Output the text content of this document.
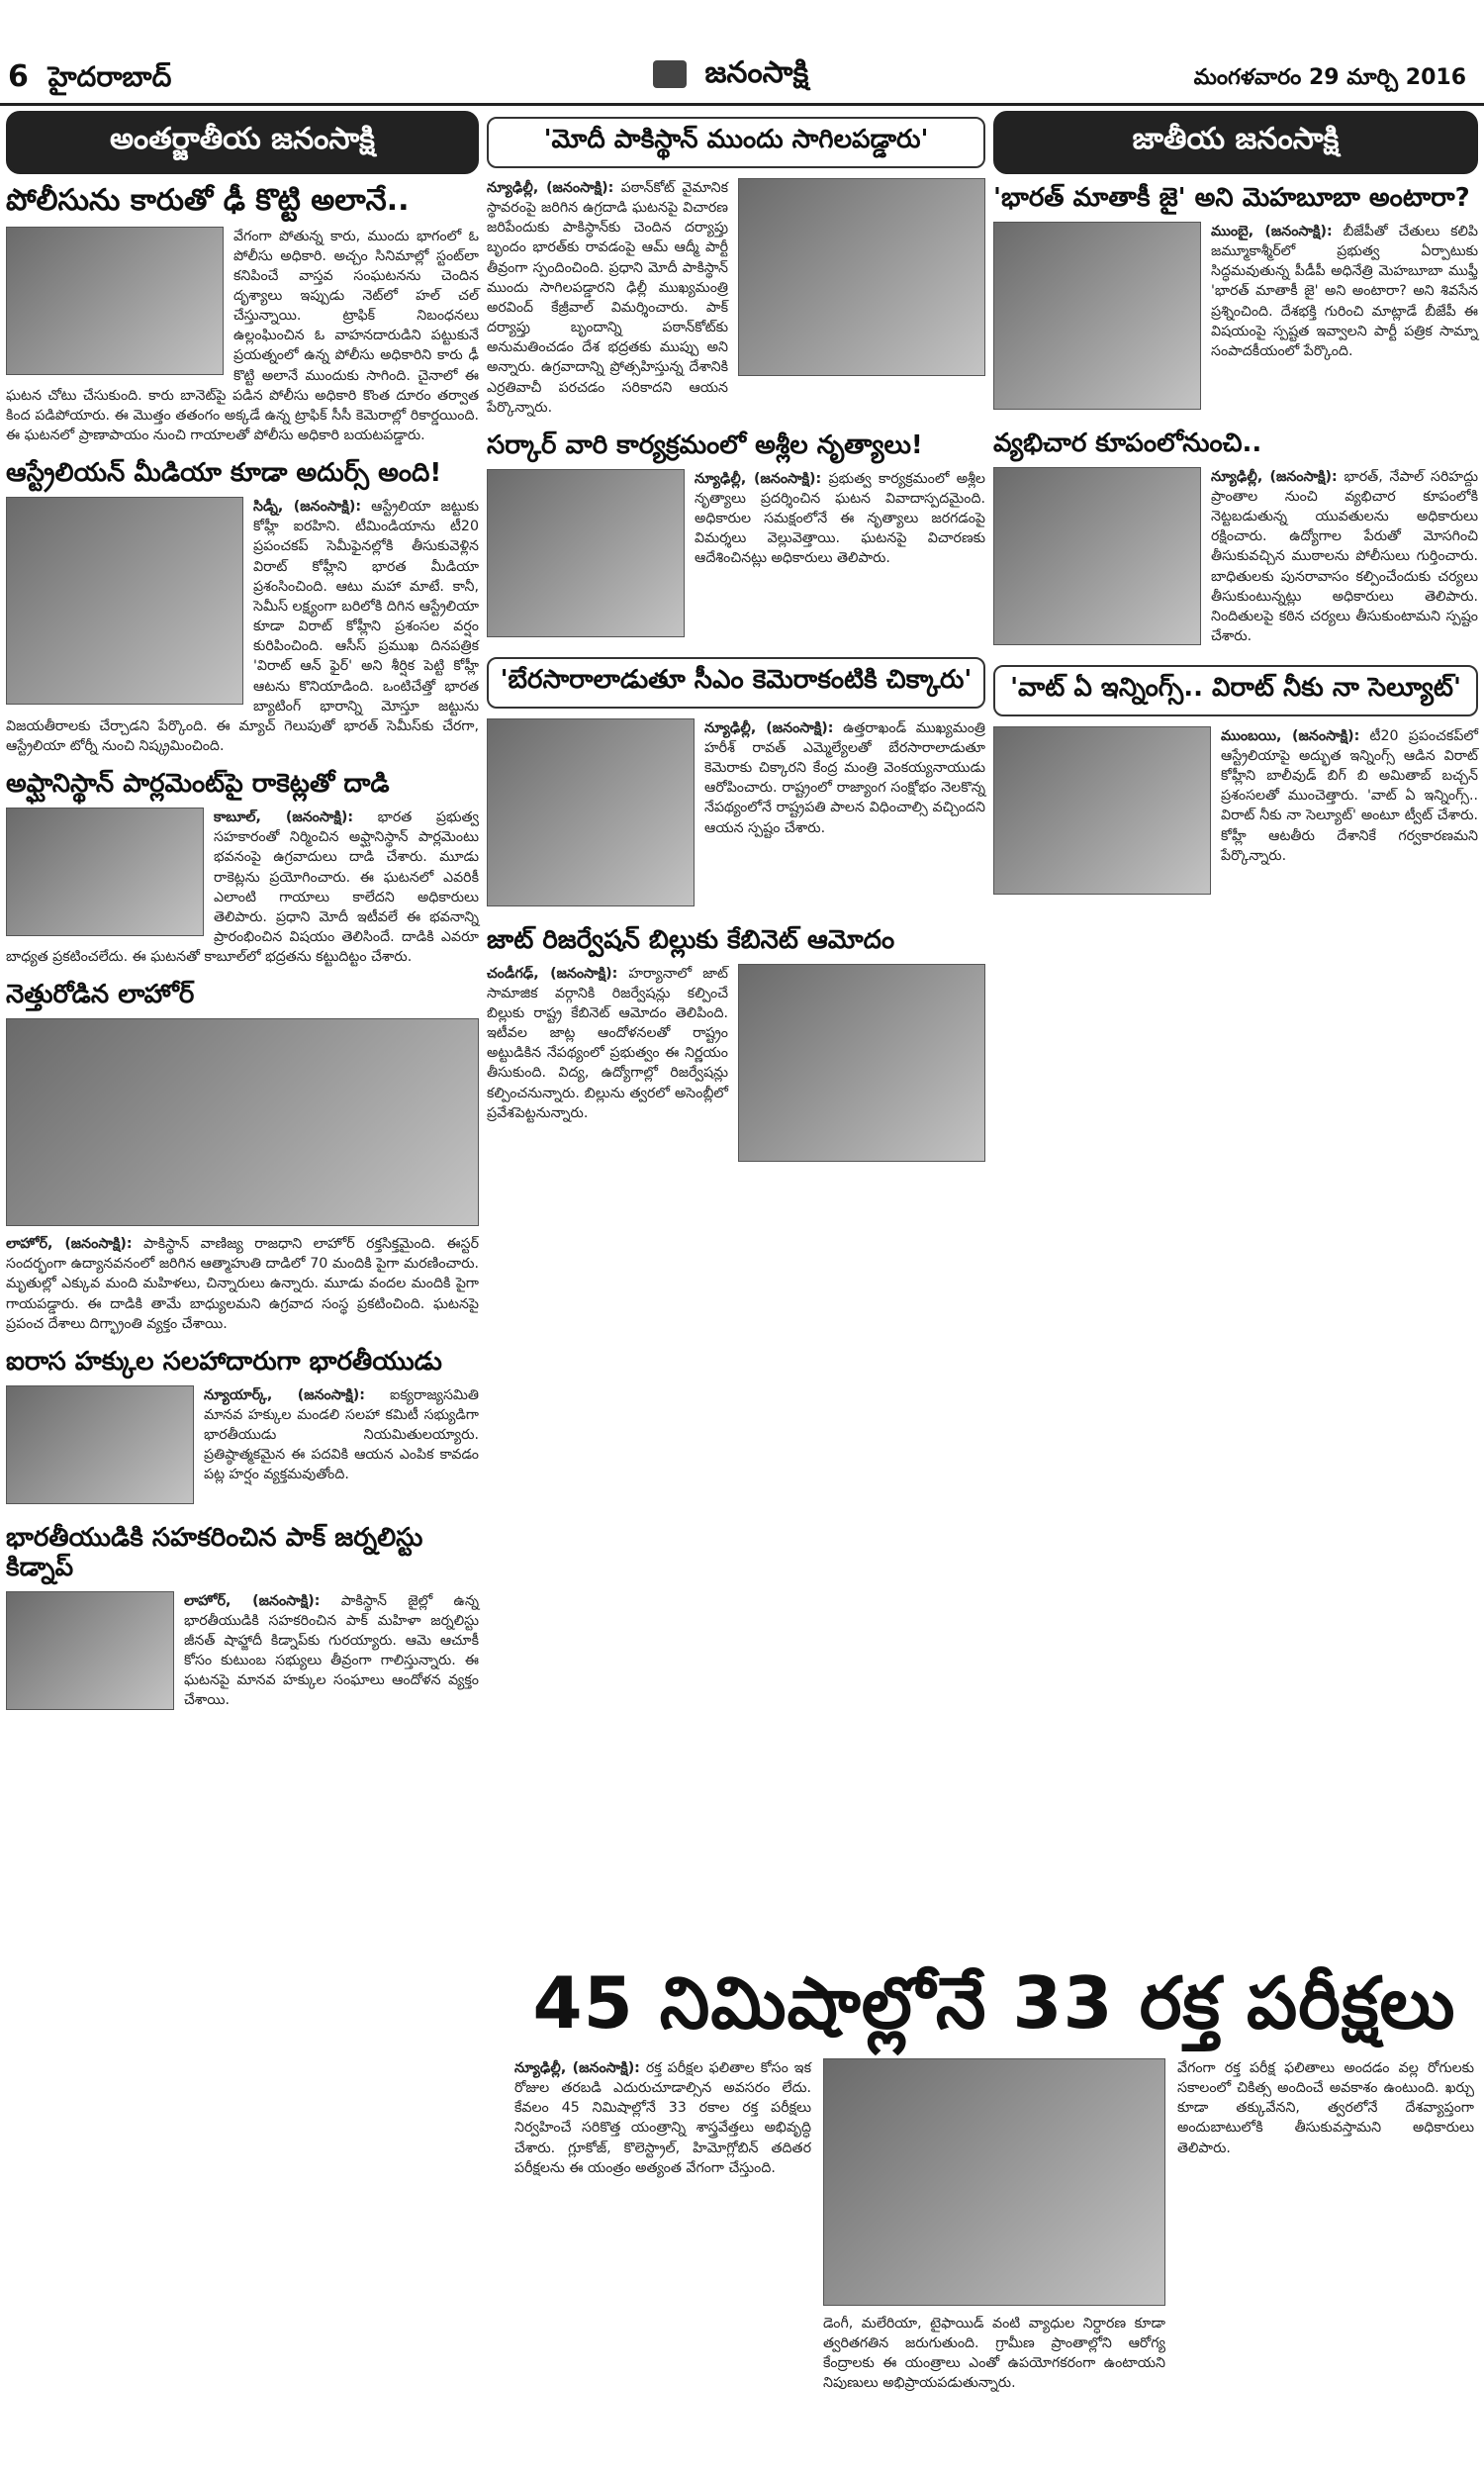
6 హైదరాబాద్	జనంసాక్షి	మంగళవారం 29 మార్చి 2016
అంతర్జాతీయ జనంసాక్షి
పోలీసును కారుతో ఢీ కొట్టి అలానే..
వేగంగా పోతున్న కారు, ముందు భాగంలో ఓ పోలీసు అధికారి. అచ్చం సినిమాల్లో స్టంట్‌లా కనిపించే వాస్తవ సంఘటనను చెందిన దృశ్యాలు ఇప్పుడు నెట్‌లో హల్ చల్ చేస్తున్నాయి. ట్రాఫిక్ నిబంధనలు ఉల్లంఘించిన ఓ వాహనదారుడిని పట్టుకునే ప్రయత్నంలో ఉన్న పోలీసు అధికారిని కారు ఢీ కొట్టి అలానే ముందుకు సాగింది. చైనాలో ఈ ఘటన చోటు చేసుకుంది. కారు బానెట్‌పై పడిన పోలీసు అధికారి కొంత దూరం తర్వాత కింద పడిపోయారు. ఈ మొత్తం తతంగం అక్కడే ఉన్న ట్రాఫిక్ సీసీ కెమెరాల్లో రికార్డయింది. ఈ ఘటనలో ప్రాణాపాయం నుంచి గాయాలతో పోలీసు అధికారి బయటపడ్డారు.
ఆస్ట్రేలియన్ మీడియా కూడా అదుర్స్ అంది!
సిడ్నీ, (జనంసాక్షి): ఆస్ట్రేలియా జట్టుకు కోహ్లీ ఐరహిని. టీమిండియాను టీ20 ప్రపంచకప్ సెమీఫైనల్లోకి తీసుకువెళ్లిన విరాట్ కోహ్లీని భారత మీడియా ప్రశంసించింది. ఆటు మహా మాటే. కానీ, సెమీస్ లక్ష్యంగా బరిలోకి దిగిన ఆస్ట్రేలియా కూడా విరాట్ కోహ్లీని ప్రశంసల వర్షం కురిపించింది. ఆసీస్ ప్రముఖ దినపత్రిక 'విరాట్ ఆన్ ఫైర్' అని శీర్షిక పెట్టి కోహ్లీ ఆటను కొనియాడింది. ఒంటిచేత్తో భారత బ్యాటింగ్ భారాన్ని మోస్తూ జట్టును విజయతీరాలకు చేర్చాడని పేర్కొంది. ఈ మ్యాచ్ గెలుపుతో భారత్ సెమీస్‌కు చేరగా, ఆస్ట్రేలియా టోర్నీ నుంచి నిష్క్రమించింది.
అఫ్ఘానిస్థాన్ పార్లమెంట్‌పై రాకెట్లతో దాడి
కాబూల్, (జనంసాక్షి): భారత ప్రభుత్వ సహకారంతో నిర్మించిన అఫ్ఘానిస్థాన్ పార్లమెంటు భవనంపై ఉగ్రవాదులు దాడి చేశారు. మూడు రాకెట్లను ప్రయోగించారు. ఈ ఘటనలో ఎవరికీ ఎలాంటి గాయాలు కాలేదని అధికారులు తెలిపారు. ప్రధాని మోదీ ఇటీవలే ఈ భవనాన్ని ప్రారంభించిన విషయం తెలిసిందే. దాడికి ఎవరూ బాధ్యత ప్రకటించలేదు. ఈ ఘటనతో కాబూల్‌లో భద్రతను కట్టుదిట్టం చేశారు.
నెత్తురోడిన లాహోర్
లాహోర్, (జనంసాక్షి): పాకిస్థాన్ వాణిజ్య రాజధాని లాహోర్ రక్తసిక్తమైంది. ఈస్టర్ సందర్భంగా ఉద్యానవనంలో జరిగిన ఆత్మాహుతి దాడిలో 70 మందికి పైగా మరణించారు. మృతుల్లో ఎక్కువ మంది మహిళలు, చిన్నారులు ఉన్నారు. మూడు వందల మందికి పైగా గాయపడ్డారు. ఈ దాడికి తామే బాధ్యులమని ఉగ్రవాద సంస్థ ప్రకటించింది. ఘటనపై ప్రపంచ దేశాలు దిగ్భ్రాంతి వ్యక్తం చేశాయి.
ఐరాస హక్కుల సలహాదారుగా భారతీయుడు
న్యూయార్క్, (జనంసాక్షి): ఐక్యరాజ్యసమితి మానవ హక్కుల మండలి సలహా కమిటీ సభ్యుడిగా భారతీయుడు నియమితులయ్యారు. ప్రతిష్ఠాత్మకమైన ఈ పదవికి ఆయన ఎంపిక కావడం పట్ల హర్షం వ్యక్తమవుతోంది.
భారతీయుడికి సహకరించిన పాక్ జర్నలిస్టు కిడ్నాప్
లాహోర్, (జనంసాక్షి): పాకిస్థాన్ జైల్లో ఉన్న భారతీయుడికి సహకరించిన పాక్ మహిళా జర్నలిస్టు జీనత్ షాహ్జాదీ కిడ్నాప్‌కు గురయ్యారు. ఆమె ఆచూకీ కోసం కుటుంబ సభ్యులు తీవ్రంగా గాలిస్తున్నారు. ఈ ఘటనపై మానవ హక్కుల సంఘాలు ఆందోళన వ్యక్తం చేశాయి.
'మోదీ పాకిస్థాన్ ముందు సాగిలపడ్డారు'
న్యూఢిల్లీ, (జనంసాక్షి): పఠాన్‌కోట్ వైమానిక స్థావరంపై జరిగిన ఉగ్రదాడి ఘటనపై విచారణ జరిపేందుకు పాకిస్థాన్‌కు చెందిన దర్యాప్తు బృందం భారత్‌కు రావడంపై ఆమ్ ఆద్మీ పార్టీ తీవ్రంగా స్పందించింది. ప్రధాని మోదీ పాకిస్థాన్ ముందు సాగిలపడ్డారని ఢిల్లీ ముఖ్యమంత్రి అరవింద్ కేజ్రీవాల్ విమర్శించారు. పాక్ దర్యాప్తు బృందాన్ని పఠాన్‌కోట్‌కు అనుమతించడం దేశ భద్రతకు ముప్పు అని అన్నారు. ఉగ్రవాదాన్ని ప్రోత్సహిస్తున్న దేశానికి ఎర్రతివాచీ పరచడం సరికాదని ఆయన పేర్కొన్నారు.
సర్కార్ వారి కార్యక్రమంలో అశ్లీల నృత్యాలు!
న్యూఢిల్లీ, (జనంసాక్షి): ప్రభుత్వ కార్యక్రమంలో అశ్లీల నృత్యాలు ప్రదర్శించిన ఘటన వివాదాస్పదమైంది. అధికారుల సమక్షంలోనే ఈ నృత్యాలు జరగడంపై విమర్శలు వెల్లువెత్తాయి. ఘటనపై విచారణకు ఆదేశించినట్లు అధికారులు తెలిపారు.
'బేరసారాలాడుతూ సీఎం కెమెరాకంటికి చిక్కారు'
న్యూఢిల్లీ, (జనంసాక్షి): ఉత్తరాఖండ్ ముఖ్యమంత్రి హరీశ్ రావత్ ఎమ్మెల్యేలతో బేరసారాలాడుతూ కెమెరాకు చిక్కారని కేంద్ర మంత్రి వెంకయ్యనాయుడు ఆరోపించారు. రాష్ట్రంలో రాజ్యాంగ సంక్షోభం నెలకొన్న నేపథ్యంలోనే రాష్ట్రపతి పాలన విధించాల్సి వచ్చిందని ఆయన స్పష్టం చేశారు.
జాట్ రిజర్వేషన్ బిల్లుకు కేబినెట్ ఆమోదం
చండీగఢ్, (జనంసాక్షి): హర్యానాలో జాట్ సామాజిక వర్గానికి రిజర్వేషన్లు కల్పించే బిల్లుకు రాష్ట్ర కేబినెట్ ఆమోదం తెలిపింది. ఇటీవల జాట్ల ఆందోళనలతో రాష్ట్రం అట్టుడికిన నేపథ్యంలో ప్రభుత్వం ఈ నిర్ణయం తీసుకుంది. విద్య, ఉద్యోగాల్లో రిజర్వేషన్లు కల్పించనున్నారు. బిల్లును త్వరలో అసెంబ్లీలో ప్రవేశపెట్టనున్నారు.
జాతీయ జనంసాక్షి
'భారత్ మాతాకీ జై' అని మెహబూబా అంటారా?
ముంబై, (జనంసాక్షి): బీజేపీతో చేతులు కలిపి జమ్మూకాశ్మీర్‌లో ప్రభుత్వ ఏర్పాటుకు సిద్ధమవుతున్న పీడీపీ అధినేత్రి మెహబూబా ముఫ్తీ 'భారత్ మాతాకీ జై' అని అంటారా? అని శివసేన ప్రశ్నించింది. దేశభక్తి గురించి మాట్లాడే బీజేపీ ఈ విషయంపై స్పష్టత ఇవ్వాలని పార్టీ పత్రిక సామ్నా సంపాదకీయంలో పేర్కొంది.
వ్యభిచార కూపంలోనుంచి..
న్యూఢిల్లీ, (జనంసాక్షి): భారత్, నేపాల్ సరిహద్దు ప్రాంతాల నుంచి వ్యభిచార కూపంలోకి నెట్టబడుతున్న యువతులను అధికారులు రక్షించారు. ఉద్యోగాల పేరుతో మోసగించి తీసుకువచ్చిన ముఠాలను పోలీసులు గుర్తించారు. బాధితులకు పునరావాసం కల్పించేందుకు చర్యలు తీసుకుంటున్నట్లు అధికారులు తెలిపారు. నిందితులపై కఠిన చర్యలు తీసుకుంటామని స్పష్టం చేశారు.
'వాట్ ఏ ఇన్నింగ్స్.. విరాట్ నీకు నా సెల్యూట్'
ముంబయి, (జనంసాక్షి): టీ20 ప్రపంచకప్‌లో ఆస్ట్రేలియాపై అద్భుత ఇన్నింగ్స్ ఆడిన విరాట్ కోహ్లీని బాలీవుడ్ బిగ్ బి అమితాబ్ బచ్చన్ ప్రశంసలతో ముంచెత్తారు. 'వాట్ ఏ ఇన్నింగ్స్.. విరాట్ నీకు నా సెల్యూట్' అంటూ ట్వీట్ చేశారు. కోహ్లీ ఆటతీరు దేశానికే గర్వకారణమని పేర్కొన్నారు.
45 నిమిషాల్లోనే 33 రక్త పరీక్షలు
న్యూఢిల్లీ, (జనంసాక్షి): రక్త పరీక్షల ఫలితాల కోసం ఇక రోజుల తరబడి ఎదురుచూడాల్సిన అవసరం లేదు. కేవలం 45 నిమిషాల్లోనే 33 రకాల రక్త పరీక్షలు నిర్వహించే సరికొత్త యంత్రాన్ని శాస్త్రవేత్తలు అభివృద్ధి చేశారు. గ్లూకోజ్, కొలెస్ట్రాల్, హిమోగ్లోబిన్ తదితర పరీక్షలను ఈ యంత్రం అత్యంత వేగంగా చేస్తుంది.
డెంగీ, మలేరియా, టైఫాయిడ్ వంటి వ్యాధుల నిర్ధారణ కూడా త్వరితగతిన జరుగుతుంది. గ్రామీణ ప్రాంతాల్లోని ఆరోగ్య కేంద్రాలకు ఈ యంత్రాలు ఎంతో ఉపయోగకరంగా ఉంటాయని నిపుణులు అభిప్రాయపడుతున్నారు.
వేగంగా రక్త పరీక్ష ఫలితాలు అందడం వల్ల రోగులకు సకాలంలో చికిత్స అందించే అవకాశం ఉంటుంది. ఖర్చు కూడా తక్కువేనని, త్వరలోనే దేశవ్యాప్తంగా అందుబాటులోకి తీసుకువస్తామని అధికారులు తెలిపారు.
